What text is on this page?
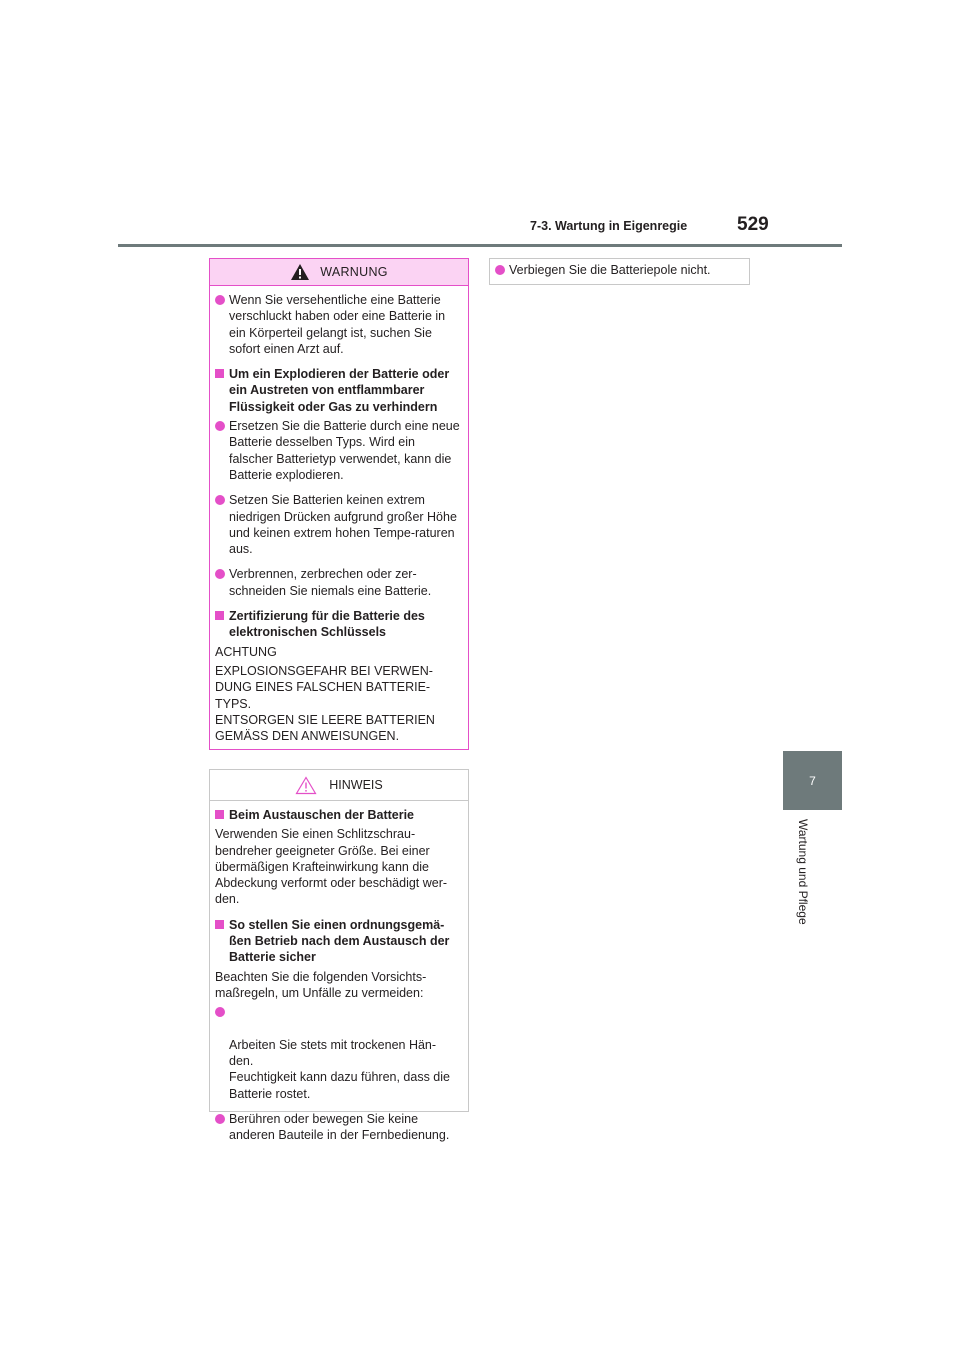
7-3. Wartung in Eigenregie	529
7
Wartung und Pflege
WARNUNG
Wenn Sie versehentliche eine Batterie verschluckt haben oder eine Batterie in ein Körperteil gelangt ist, suchen Sie sofort einen Arzt auf.
Um ein Explodieren der Batterie oder ein Austreten von entflammbarer Flüssigkeit oder Gas zu verhindern
Ersetzen Sie die Batterie durch eine neue Batterie desselben Typs. Wird ein falscher Batterietyp verwendet, kann die Batterie explodieren.
Setzen Sie Batterien keinen extrem niedrigen Drücken aufgrund großer Höhe und keinen extrem hohen Tempe-raturen aus.
Verbrennen, zerbrechen oder zer-schneiden Sie niemals eine Batterie.
Zertifizierung für die Batterie des elektronischen Schlüssels
ACHTUNG
EXPLOSIONSGEFAHR BEI VERWEN-DUNG EINES FALSCHEN BATTERIE-TYPS.
ENTSORGEN SIE LEERE BATTERIEN GEMÄSS DEN ANWEISUNGEN.
HINWEIS
Beim Austauschen der Batterie
Verwenden Sie einen Schlitzschrau-bendreher geeigneter Größe. Bei einer übermäßigen Krafteinwirkung kann die Abdeckung verformt oder beschädigt wer-den.
So stellen Sie einen ordnungsgemä-ßen Betrieb nach dem Austausch der Batterie sicher
Beachten Sie die folgenden Vorsichts-maßregeln, um Unfälle zu vermeiden:

Arbeiten Sie stets mit trockenen Hän-den.
Feuchtigkeit kann dazu führen, dass die Batterie rostet.

Berühren oder bewegen Sie keine anderen Bauteile in der Fernbedienung.
Verbiegen Sie die Batteriepole nicht.
